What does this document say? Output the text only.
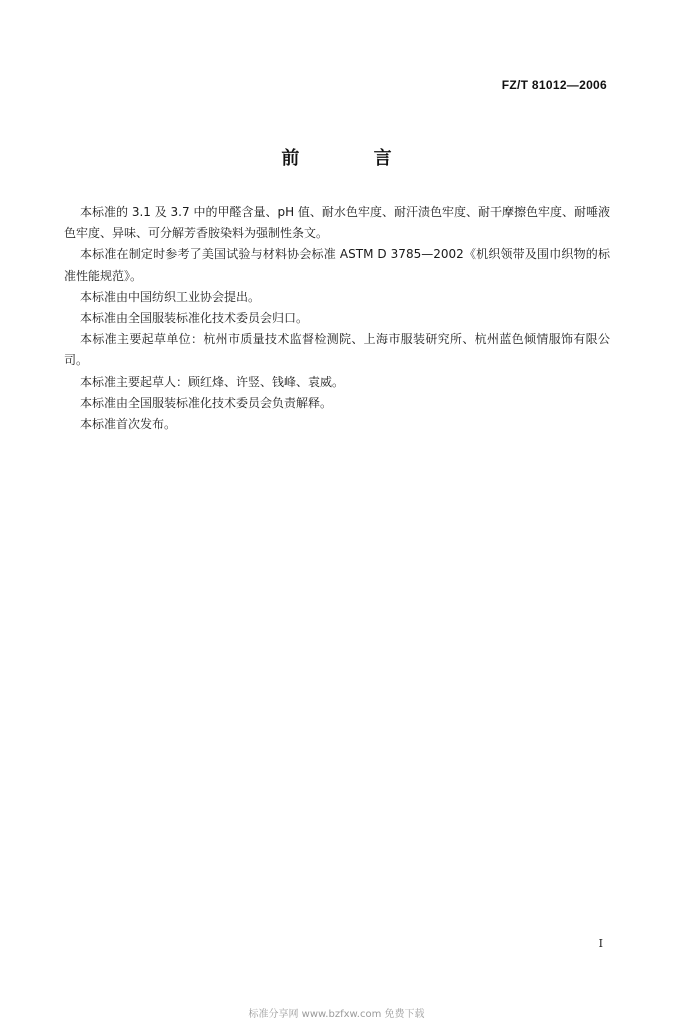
FZ/T 81012—2006
前 言

本标准的 3.1 及 3.7 中的甲醛含量、pH 值、耐水色牢度、耐汗渍色牢度、耐干摩擦色牢度、耐唾液色牢度、异味、可分解芳香胺染料为强制性条文。

本标准在制定时参考了美国试验与材料协会标准 ASTM D 3785—2002《机织领带及围巾织物的标准性能规范》。

本标准由中国纺织工业协会提出。

本标准由全国服装标准化技术委员会归口。

本标准主要起草单位：杭州市质量技术监督检测院、上海市服装研究所、杭州蓝色倾情服饰有限公司。

本标准主要起草人：顾红烽、许竖、钱峰、袁威。

本标准由全国服装标准化技术委员会负责解释。

本标准首次发布。

I
标准分享网 www.bzfxw.com 免费下载
